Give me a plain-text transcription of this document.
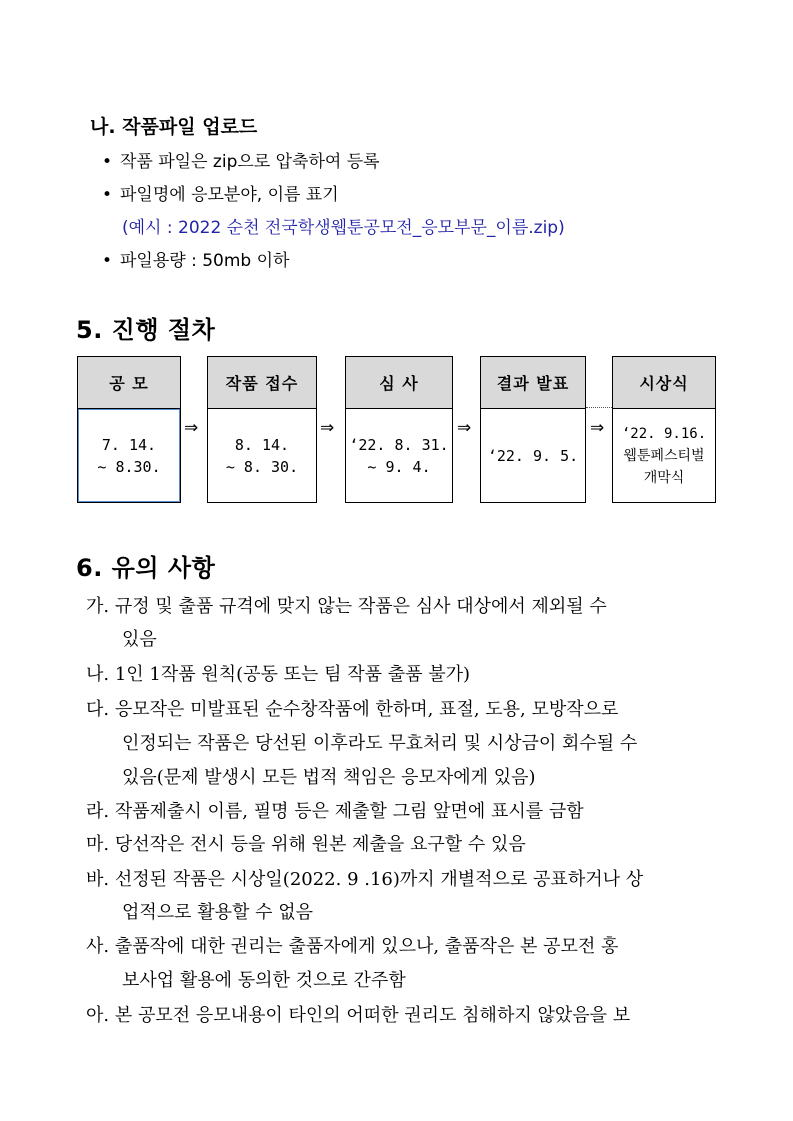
나. 작품파일 업로드
• 작품 파일은 zip으로 압축하여 등록
• 파일명에 응모분야, 이름 표기
(예시 : 2022 순천 전국학생웹툰공모전_응모부문_이름.zip)
• 파일용량 : 50mb 이하
5. 진행 절차
공 모
7. 14.
~ 8.30.
⇒
작품 접수
8. 14.
~ 8. 30.
⇒
심 사
‘22. 8. 31.
~ 9. 4.
⇒
결과 발표
‘22. 9. 5.
⇒
시상식
‘22. 9.16.
웹툰페스티벌
개막식
6. 유의 사항
가. 규정 및 출품 규격에 맞지 않는 작품은 심사 대상에서 제외될 수
있음
나. 1인 1작품 원칙(공동 또는 팀 작품 출품 불가)
다. 응모작은 미발표된 순수창작품에 한하며, 표절, 도용, 모방작으로
인정되는 작품은 당선된 이후라도 무효처리 및 시상금이 회수될 수
있음(문제 발생시 모든 법적 책임은 응모자에게 있음)
라. 작품제출시 이름, 필명 등은 제출할 그림 앞면에 표시를 금함
마. 당선작은 전시 등을 위해 원본 제출을 요구할 수 있음
바. 선정된 작품은 시상일(2022. 9 .16)까지 개별적으로 공표하거나 상
업적으로 활용할 수 없음
사. 출품작에 대한 권리는 출품자에게 있으나, 출품작은 본 공모전 홍
보사업 활용에 동의한 것으로 간주함
아. 본 공모전 응모내용이 타인의 어떠한 권리도 침해하지 않았음을 보
